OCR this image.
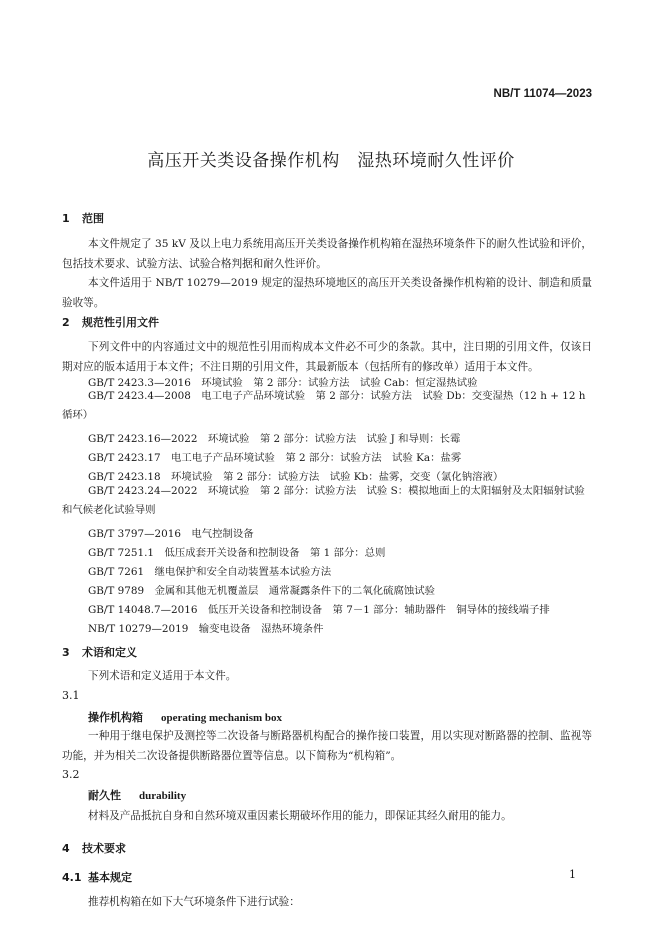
NB/T 11074—2023
高压开关类设备操作机构　湿热环境耐久性评价
1 范围

本文件规定了 35 kV 及以上电力系统用高压开关类设备操作机构箱在湿热环境条件下的耐久性试验和评价，包括技术要求、试验方法、试验合格判据和耐久性评价。

本文件适用于 NB/T 10279—2019 规定的湿热环境地区的高压开关类设备操作机构箱的设计、制造和质量验收等。

2 规范性引用文件

下列文件中的内容通过文中的规范性引用而构成本文件必不可少的条款。其中，注日期的引用文件，仅该日期对应的版本适用于本文件；不注日期的引用文件，其最新版本（包括所有的修改单）适用于本文件。

GB/T 2423.3—2016　环境试验　第 2 部分：试验方法　试验 Cab：恒定湿热试验
GB/T 2423.4—2008　电工电子产品环境试验　第 2 部分：试验方法　试验 Db：交变湿热（12 h + 12 h 循环）
GB/T 2423.16—2022　环境试验　第 2 部分：试验方法　试验 J 和导则：长霉
GB/T 2423.17　电工电子产品环境试验　第 2 部分：试验方法　试验 Ka：盐雾
GB/T 2423.18　环境试验　第 2 部分：试验方法　试验 Kb：盐雾，交变（氯化钠溶液）
GB/T 2423.24—2022　环境试验　第 2 部分：试验方法　试验 S：模拟地面上的太阳辐射及太阳辐射试验和气候老化试验导则
GB/T 3797—2016　电气控制设备
GB/T 7251.1　低压成套开关设备和控制设备　第 1 部分：总则
GB/T 7261　继电保护和安全自动装置基本试验方法
GB/T 9789　金属和其他无机覆盖层　通常凝露条件下的二氧化硫腐蚀试验
GB/T 14048.7—2016　低压开关设备和控制设备　第 7－1 部分：辅助器件　铜导体的接线端子排
NB/T 10279—2019　输变电设备　湿热环境条件
3 术语和定义
下列术语和定义适用于本文件。
3.1
操作机构箱 operating mechanism box

一种用于继电保护及测控等二次设备与断路器机构配合的操作接口装置，用以实现对断路器的控制、监视等功能，并为相关二次设备提供断路器位置等信息。以下简称为“机构箱”。

3.2
耐久性 durability
材料及产品抵抗自身和自然环境双重因素长期破坏作用的能力，即保证其经久耐用的能力。
4 技术要求
4.1 基本规定
推荐机构箱在如下大气环境条件下进行试验：
1
